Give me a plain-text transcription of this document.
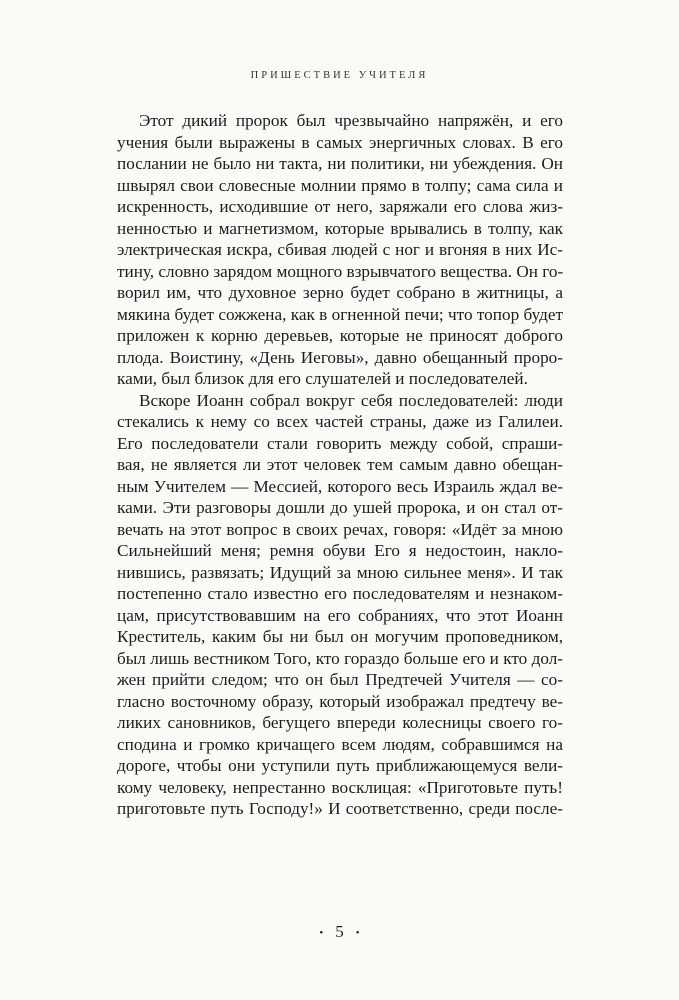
ПРИШЕСТВИЕ УЧИТЕЛЯ
Этот дикий пророк был чрезвычайно напряжён, и его
учения были выражены в самых энергичных словах. В его
послании не было ни такта, ни политики, ни убеждения. Он
швырял свои словесные молнии прямо в толпу; сама сила и
искренность, исходившие от него, заряжали его слова жиз-
ненностью и магнетизмом, которые врывались в толпу, как
электрическая искра, сбивая людей с ног и вгоняя в них Ис-
тину, словно зарядом мощного взрывчатого вещества. Он го-
ворил им, что духовное зерно будет собрано в житницы, а
мякина будет сожжена, как в огненной печи; что топор будет
приложен к корню деревьев, которые не приносят доброго
плода. Воистину, «День Иеговы», давно обещанный проро-
ками, был близок для его слушателей и последователей.
Вскоре Иоанн собрал вокруг себя последователей: люди
стекались к нему со всех частей страны, даже из Галилеи.
Его последователи стали говорить между собой, спраши-
вая, не является ли этот человек тем самым давно обещан-
ным Учителем — Мессией, которого весь Израиль ждал ве-
ками. Эти разговоры дошли до ушей пророка, и он стал от-
вечать на этот вопрос в своих речах, говоря: «Идёт за мною
Сильнейший меня; ремня обуви Его я недостоин, накло-
нившись, развязать; Идущий за мною сильнее меня». И так
постепенно стало известно его последователям и незнаком-
цам, присутствовавшим на его собраниях, что этот Иоанн
Креститель, каким бы ни был он могучим проповедником,
был лишь вестником Того, кто гораздо больше его и кто дол-
жен прийти следом; что он был Предтечей Учителя — со-
гласно восточному образу, который изображал предтечу ве-
ликих сановников, бегущего впереди колесницы своего го-
сподина и громко кричащего всем людям, собравшимся на
дороге, чтобы они уступили путь приближающемуся вели-
кому человеку, непрестанно восклицая: «Приготовьте путь!
приготовьте путь Господу!» И соответственно, среди после-
• 5 •
